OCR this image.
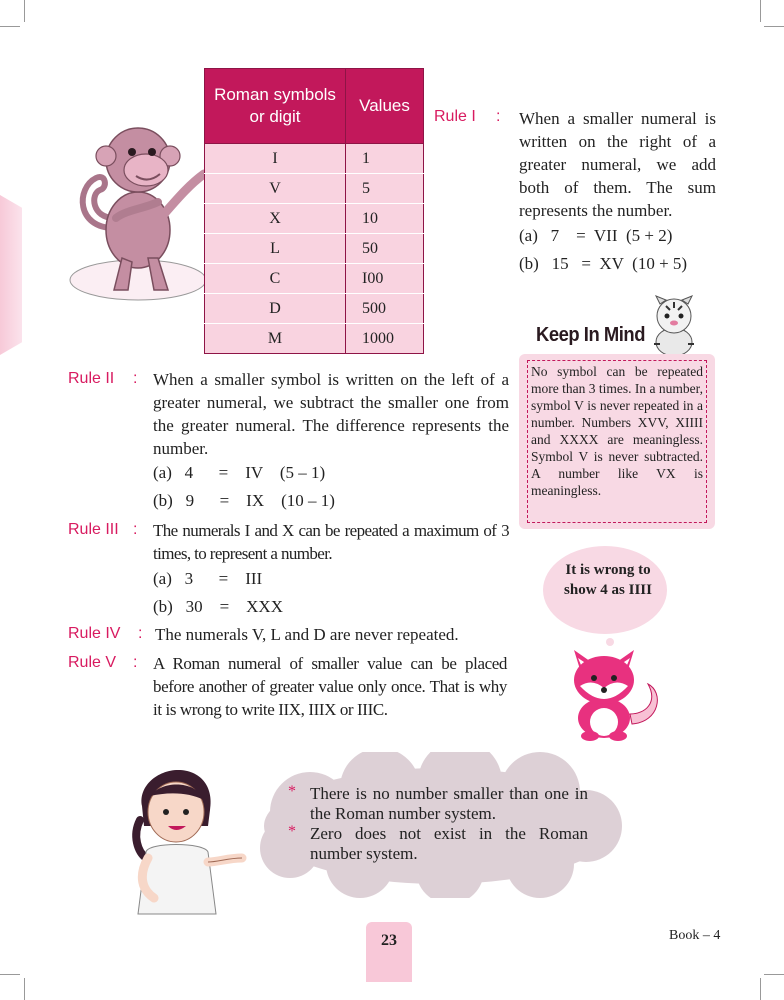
Roman symbols or digit	Values
I	1
V	5
X	10
L	50
C	I00
D	500
M	1000
Rule I : When a smaller numeral is written on the right of a greater numeral, we add both of them. The sum represents the number.
(a)   7    =  VII  (5 + 2)
(b)   15   =  XV  (10 + 5)
Keep In Mind
No symbol can be repeated more than 3 times. In a number, symbol V is never repeated in a number. Numbers XVV, XIIII and XXXX are meaningless. Symbol V is never subtracted. A number like VX is meaningless.
Rule II : When a smaller symbol is written on the left of a greater numeral, we subtract the smaller one from the greater numeral. The difference represents the number.
(a)   4      =    IV    (5 – 1)
(b)   9      =    IX    (10 – 1)
Rule III : The numerals I and X can be repeated a maximum of 3 times, to represent a number.
(a)   3      =    III
(b)   30    =    XXX
Rule IV : The numerals V, L and D are never repeated.
Rule V : A Roman numeral of smaller value can be placed before another of greater value only once. That is why it is wrong to write IIX, IIIX or IIIC.
It is wrong to show 4 as IIII
* There is no number smaller than one in the Roman number system.
* Zero does not exist in the Roman number system.
23	Book – 4
